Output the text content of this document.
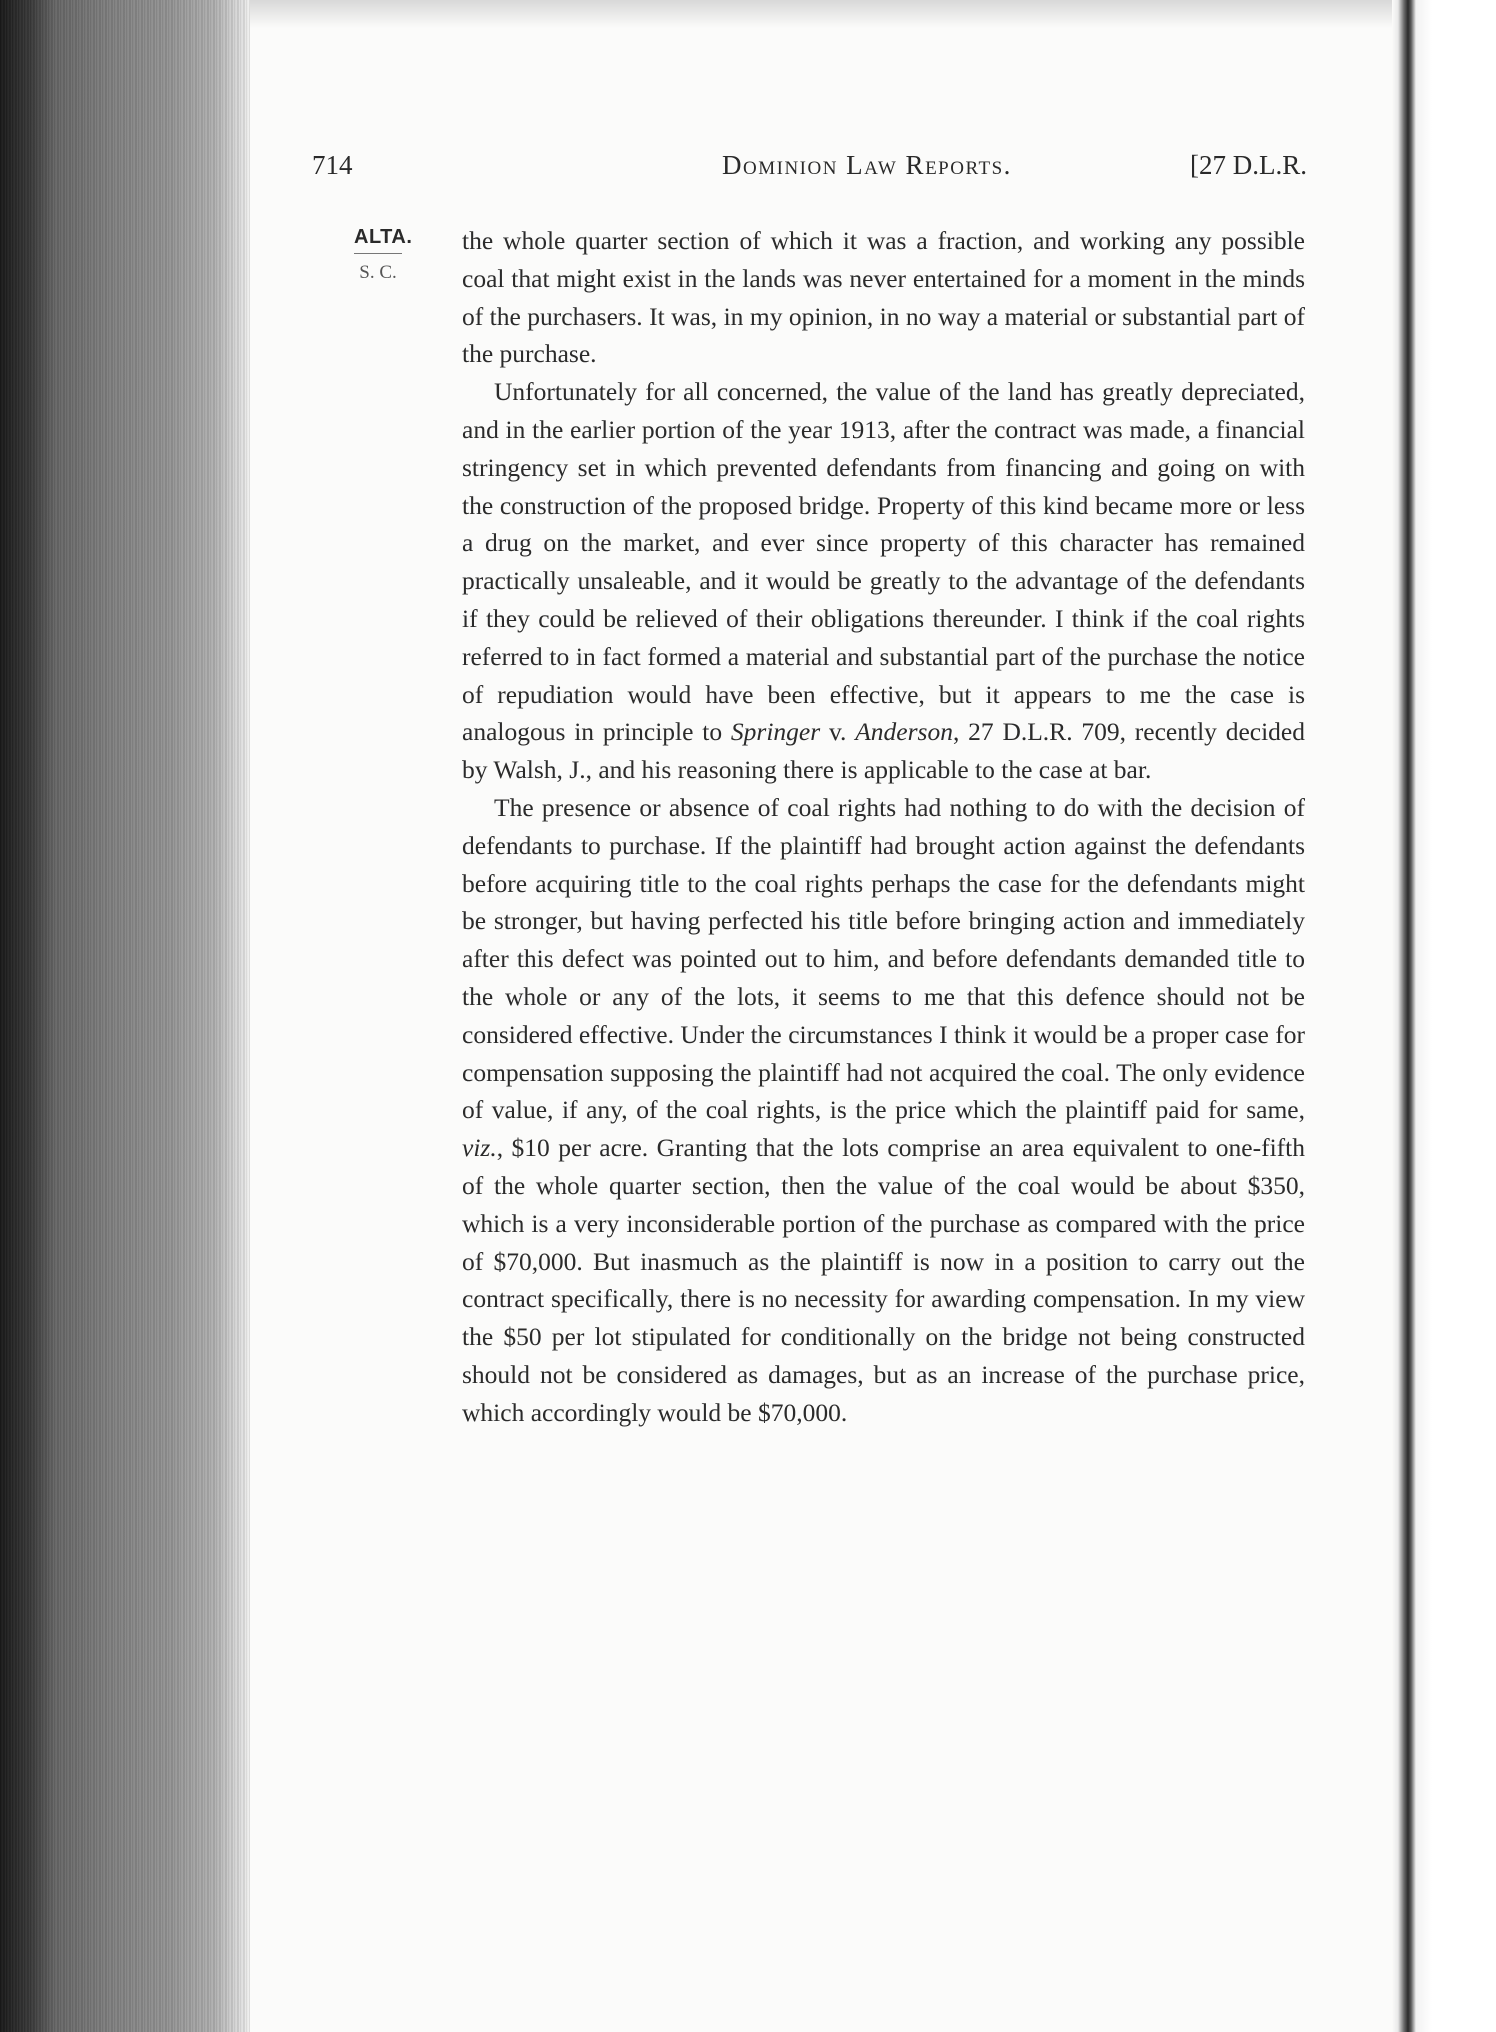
714	Dominion Law Reports.	[27 D.L.R.
ALTA.
S. C.

the whole quarter section of which it was a fraction, and working any possible coal that might exist in the lands was never entertained for a moment in the minds of the purchasers. It was, in my opinion, in no way a material or substantial part of the purchase.

Unfortunately for all concerned, the value of the land has greatly depreciated, and in the earlier portion of the year 1913, after the contract was made, a financial stringency set in which prevented defendants from financing and going on with the construction of the proposed bridge. Property of this kind became more or less a drug on the market, and ever since property of this character has remained practically unsaleable, and it would be greatly to the advantage of the defendants if they could be relieved of their obligations thereunder. I think if the coal rights referred to in fact formed a material and substantial part of the purchase the notice of repudiation would have been effective, but it appears to me the case is analogous in principle to Springer v. Anderson, 27 D.L.R. 709, recently decided by Walsh, J., and his reasoning there is applicable to the case at bar.

The presence or absence of coal rights had nothing to do with the decision of defendants to purchase. If the plaintiff had brought action against the defendants before acquiring title to the coal rights perhaps the case for the defendants might be stronger, but having perfected his title before bringing action and immediately after this defect was pointed out to him, and before defendants demanded title to the whole or any of the lots, it seems to me that this defence should not be considered effective. Under the circumstances I think it would be a proper case for compensation supposing the plaintiff had not acquired the coal. The only evidence of value, if any, of the coal rights, is the price which the plaintiff paid for same, viz., $10 per acre. Granting that the lots comprise an area equivalent to one-fifth of the whole quarter section, then the value of the coal would be about $350, which is a very inconsiderable portion of the purchase as compared with the price of $70,000. But inasmuch as the plaintiff is now in a position to carry out the contract specifically, there is no necessity for awarding compensation. In my view the $50 per lot stipulated for conditionally on the bridge not being constructed should not be considered as damages, but as an increase of the purchase price, which accordingly would be $70,000.
